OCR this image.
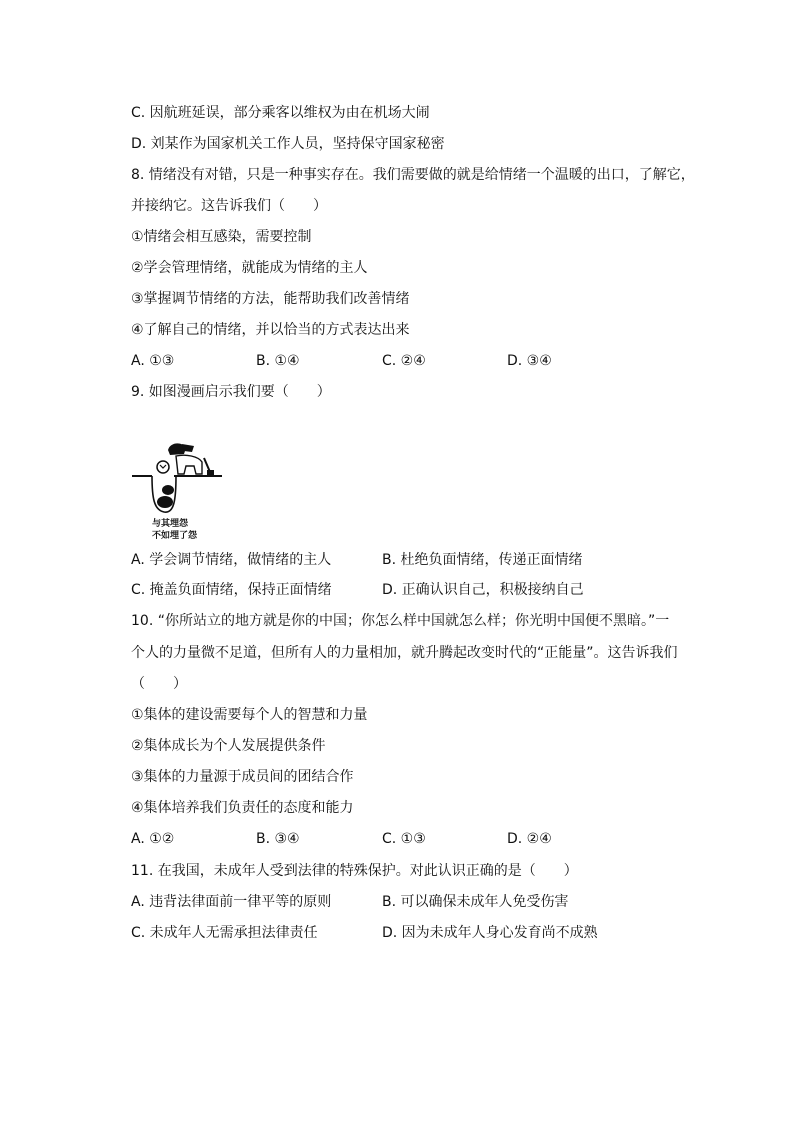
C. 因航班延误，部分乘客以维权为由在机场大闹
D. 刘某作为国家机关工作人员，坚持保守国家秘密
8. 情绪没有对错，只是一种事实存在。我们需要做的就是给情绪一个温暖的出口，了解它，
并接纳它。这告诉我们（　　）
①情绪会相互感染，需要控制
②学会管理情绪，就能成为情绪的主人
③掌握调节情绪的方法，能帮助我们改善情绪
④了解自己的情绪，并以恰当的方式表达出来
A. ①③	B. ①④	C. ②④	D. ③④
9. 如图漫画启示我们要（　　）
与其埋怨
不如埋了怨
A. 学会调节情绪，做情绪的主人	B. 杜绝负面情绪，传递正面情绪
C. 掩盖负面情绪，保持正面情绪	D. 正确认识自己，积极接纳自己
10. “你所站立的地方就是你的中国；你怎么样中国就怎么样；你光明中国便不黑暗。”一
个人的力量微不足道，但所有人的力量相加，就升腾起改变时代的“正能量”。这告诉我们
（　　）
①集体的建设需要每个人的智慧和力量
②集体成长为个人发展提供条件
③集体的力量源于成员间的团结合作
④集体培养我们负责任的态度和能力
A. ①②	B. ③④	C. ①③	D. ②④
11. 在我国，未成年人受到法律的特殊保护。对此认识正确的是（　　）
A. 违背法律面前一律平等的原则	B. 可以确保未成年人免受伤害
C. 未成年人无需承担法律责任	D. 因为未成年人身心发育尚不成熟
